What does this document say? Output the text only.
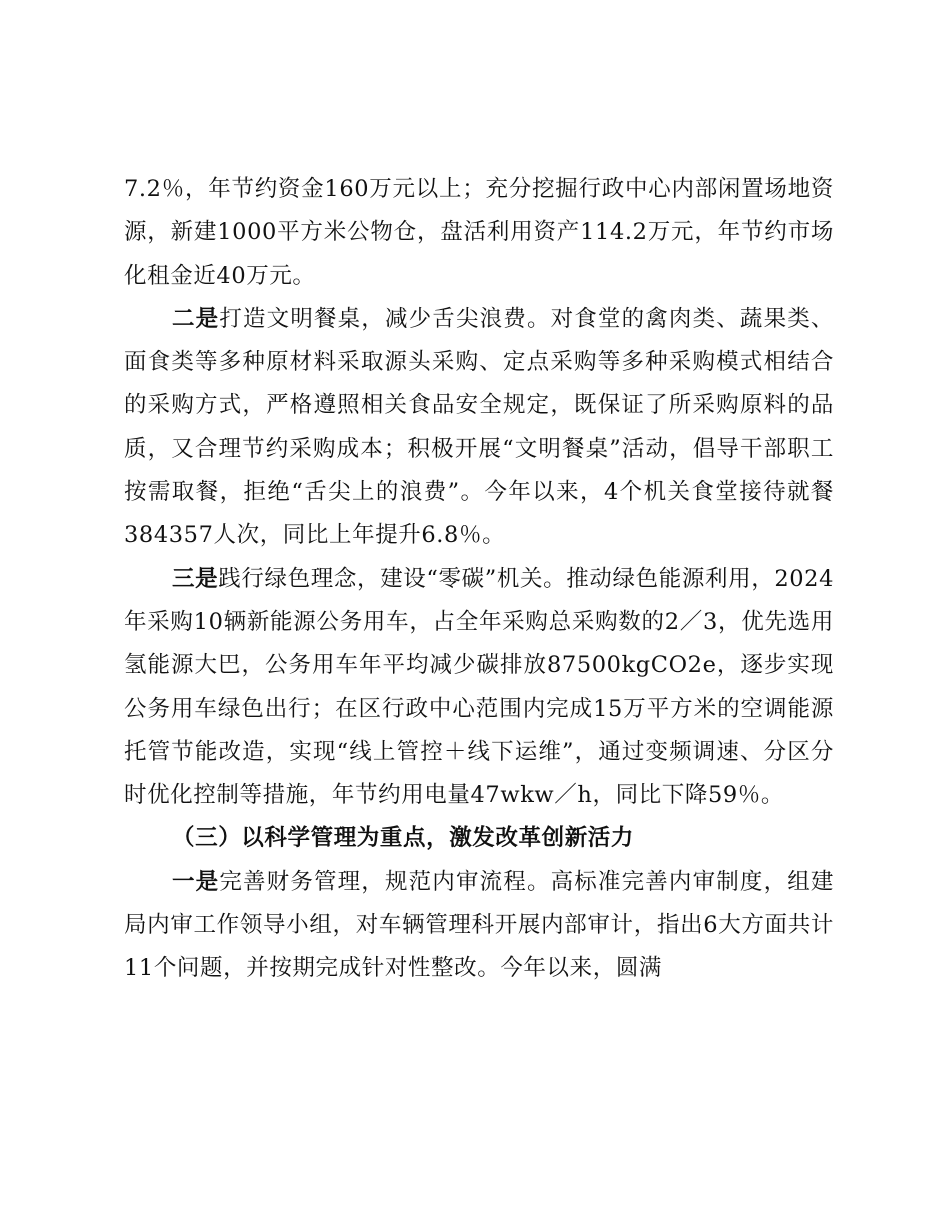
7.2％，年节约资金160万元以上；充分挖掘行政中心内部闲置场地资源，新建1000平方米公物仓，盘活利用资产114.2万元，年节约市场化租金近40万元。

二是打造文明餐桌，减少舌尖浪费。对食堂的禽肉类、蔬果类、面食类等多种原材料采取源头采购、定点采购等多种采购模式相结合的采购方式，严格遵照相关食品安全规定，既保证了所采购原料的品质，又合理节约采购成本；积极开展“文明餐桌”活动，倡导干部职工按需取餐，拒绝“舌尖上的浪费”。今年以来，4个机关食堂接待就餐384357人次，同比上年提升6.8％。

三是践行绿色理念，建设“零碳”机关。推动绿色能源利用，2024年采购10辆新能源公务用车，占全年采购总采购数的2／3，优先选用氢能源大巴，公务用车年平均减少碳排放87500kgCO2e，逐步实现公务用车绿色出行；在区行政中心范围内完成15万平方米的空调能源托管节能改造，实现“线上管控＋线下运维”，通过变频调速、分区分时优化控制等措施，年节约用电量47wkw／h，同比下降59％。

（三）以科学管理为重点，激发改革创新活力

一是完善财务管理，规范内审流程。高标准完善内审制度，组建局内审工作领导小组，对车辆管理科开展内部审计，指出6大方面共计11个问题，并按期完成针对性整改。今年以来，圆满
